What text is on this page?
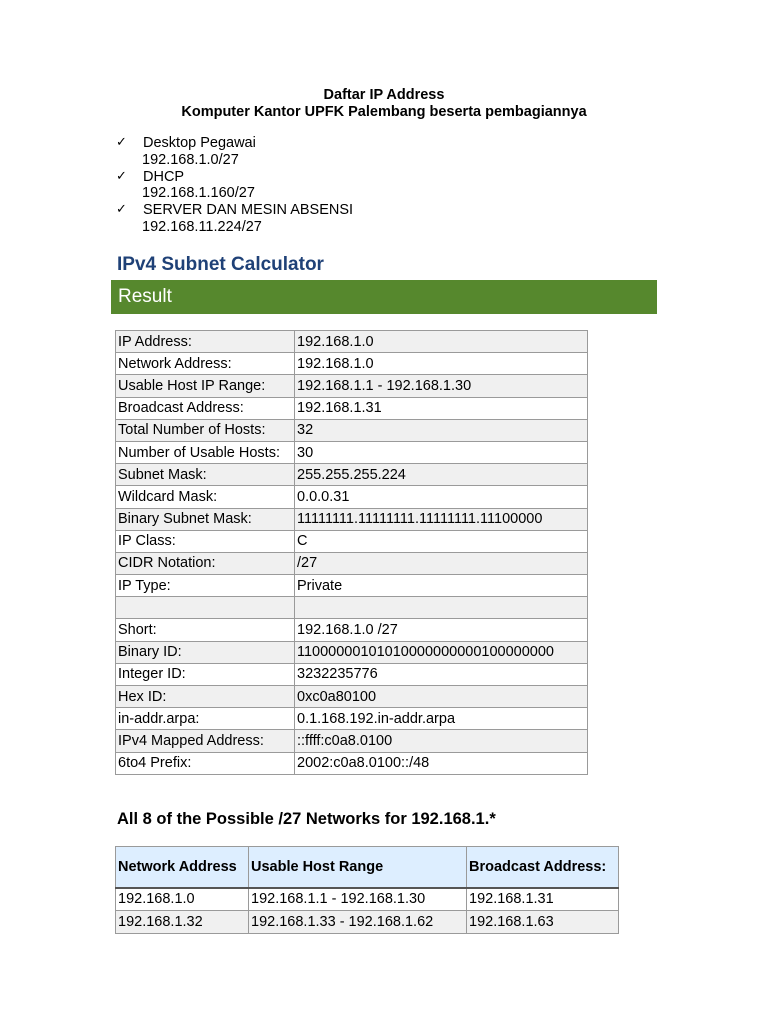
Daftar IP Address
Komputer Kantor UPFK Palembang beserta pembagiannya
✓	Desktop Pegawai
192.168.1.0/27
✓	DHCP
192.168.1.160/27
✓	SERVER DAN MESIN ABSENSI
192.168.11.224/27
IPv4 Subnet Calculator
Result
IP Address:	192.168.1.0
Network Address:	192.168.1.0
Usable Host IP Range:	192.168.1.1 - 192.168.1.30
Broadcast Address:	192.168.1.31
Total Number of Hosts:	32
Number of Usable Hosts:	30
Subnet Mask:	255.255.255.224
Wildcard Mask:	0.0.0.31
Binary Subnet Mask:	11111111.11111111.11111111.11100000
IP Class:	C
CIDR Notation:	/27
IP Type:	Private

Short:	192.168.1.0 /27
Binary ID:	11000000101010000000000100000000
Integer ID:	3232235776
Hex ID:	0xc0a80100
in-addr.arpa:	0.1.168.192.in-addr.arpa
IPv4 Mapped Address:	::ffff:c0a8.0100
6to4 Prefix:	2002:c0a8.0100::/48
All 8 of the Possible /27 Networks for 192.168.1.*
Network Address	Usable Host Range	Broadcast Address:
192.168.1.0	192.168.1.1 - 192.168.1.30	192.168.1.31
192.168.1.32	192.168.1.33 - 192.168.1.62	192.168.1.63
